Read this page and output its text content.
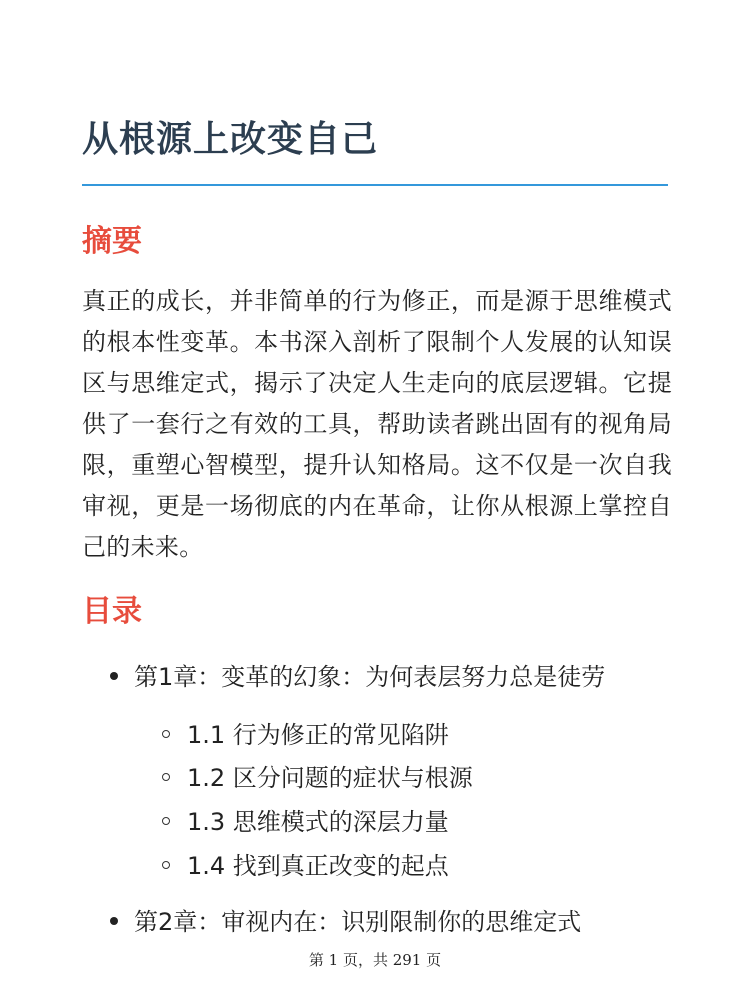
从根源上改变自己
摘要

真正的成长，并非简单的行为修正，而是源于思维模式的根本性变革。本书深入剖析了限制个人发展的认知误区与思维定式，揭示了决定人生走向的底层逻辑。它提供了一套行之有效的工具，帮助读者跳出固有的视角局限，重塑心智模型，提升认知格局。这不仅是一次自我审视，更是一场彻底的内在革命，让你从根源上掌控自己的未来。

目录
第1章：变革的幻象：为何表层努力总是徒劳
1.1 行为修正的常见陷阱
1.2 区分问题的症状与根源
1.3 思维模式的深层力量
1.4 找到真正改变的起点
第2章：审视内在：识别限制你的思维定式
第 1 页，共 291 页
